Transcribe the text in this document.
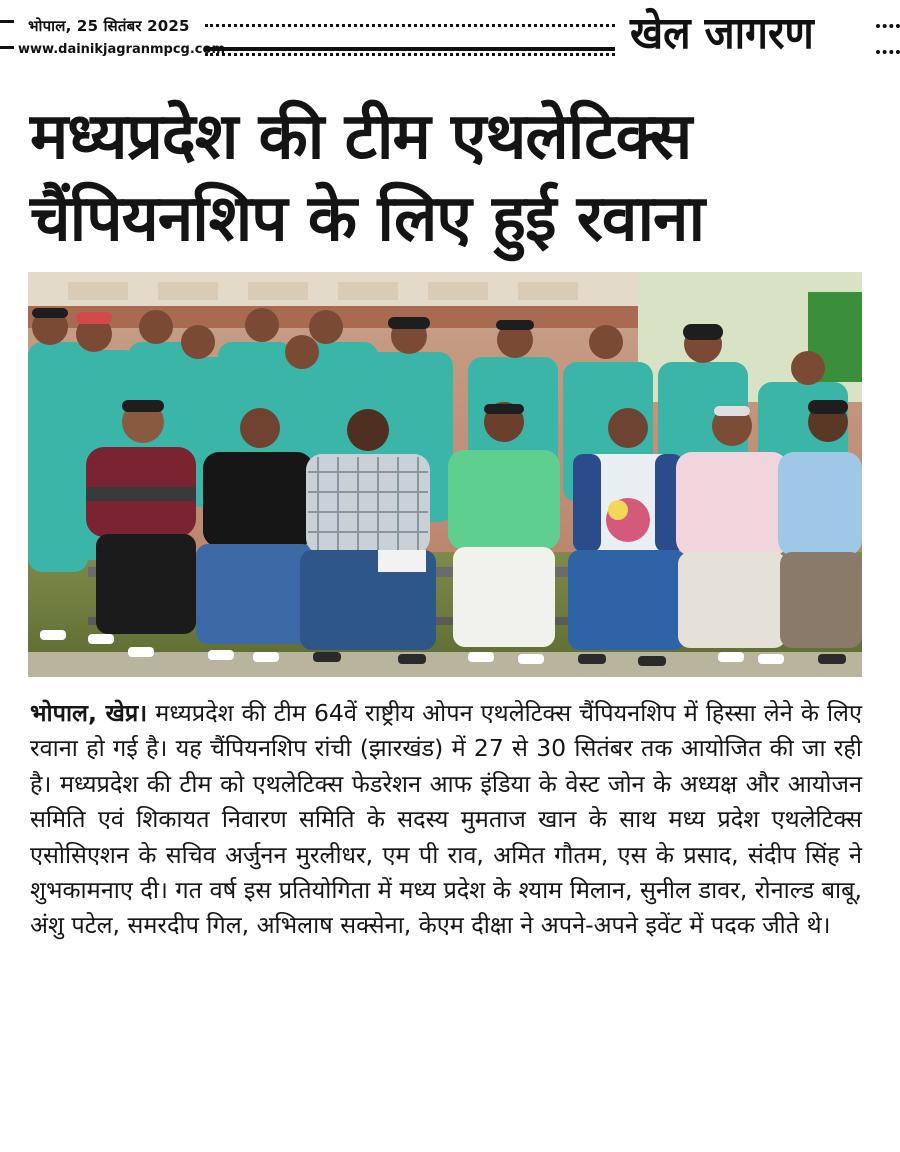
भोपाल, 25 सितंबर 2025
www.dainikjagranmpcg.com	खेल जागरण
मध्यप्रदेश की टीम एथलेटिक्स
चैंपियनशिप के लिए हुई रवाना

भोपाल, खेप्र। मध्यप्रदेश की टीम 64वें राष्ट्रीय ओपन एथलेटिक्स चैंपियनशिप में हिस्सा लेने के लिए रवाना हो गई है। यह चैंपियनशिप रांची (झारखंड) में 27 से 30 सितंबर तक आयोजित की जा रही है। मध्यप्रदेश की टीम को एथलेटिक्स फेडरेशन आफ इंडिया के वेस्ट जोन के अध्यक्ष और आयोजन समिति एवं शिकायत निवारण समिति के सदस्य मुमताज खान के साथ मध्य प्रदेश एथलेटिक्स एसोसिएशन के सचिव अर्जुनन मुरलीधर, एम पी राव, अमित गौतम, एस के प्रसाद, संदीप सिंह ने शुभकामनाए दी। गत वर्ष इस प्रतियोगिता में मध्य प्रदेश के श्याम मिलान, सुनील डावर, रोनाल्ड बाबू, अंशु पटेल, समरदीप गिल, अभिलाष सक्सेना, केएम दीक्षा ने अपने-अपने इवेंट में पदक जीते थे।
